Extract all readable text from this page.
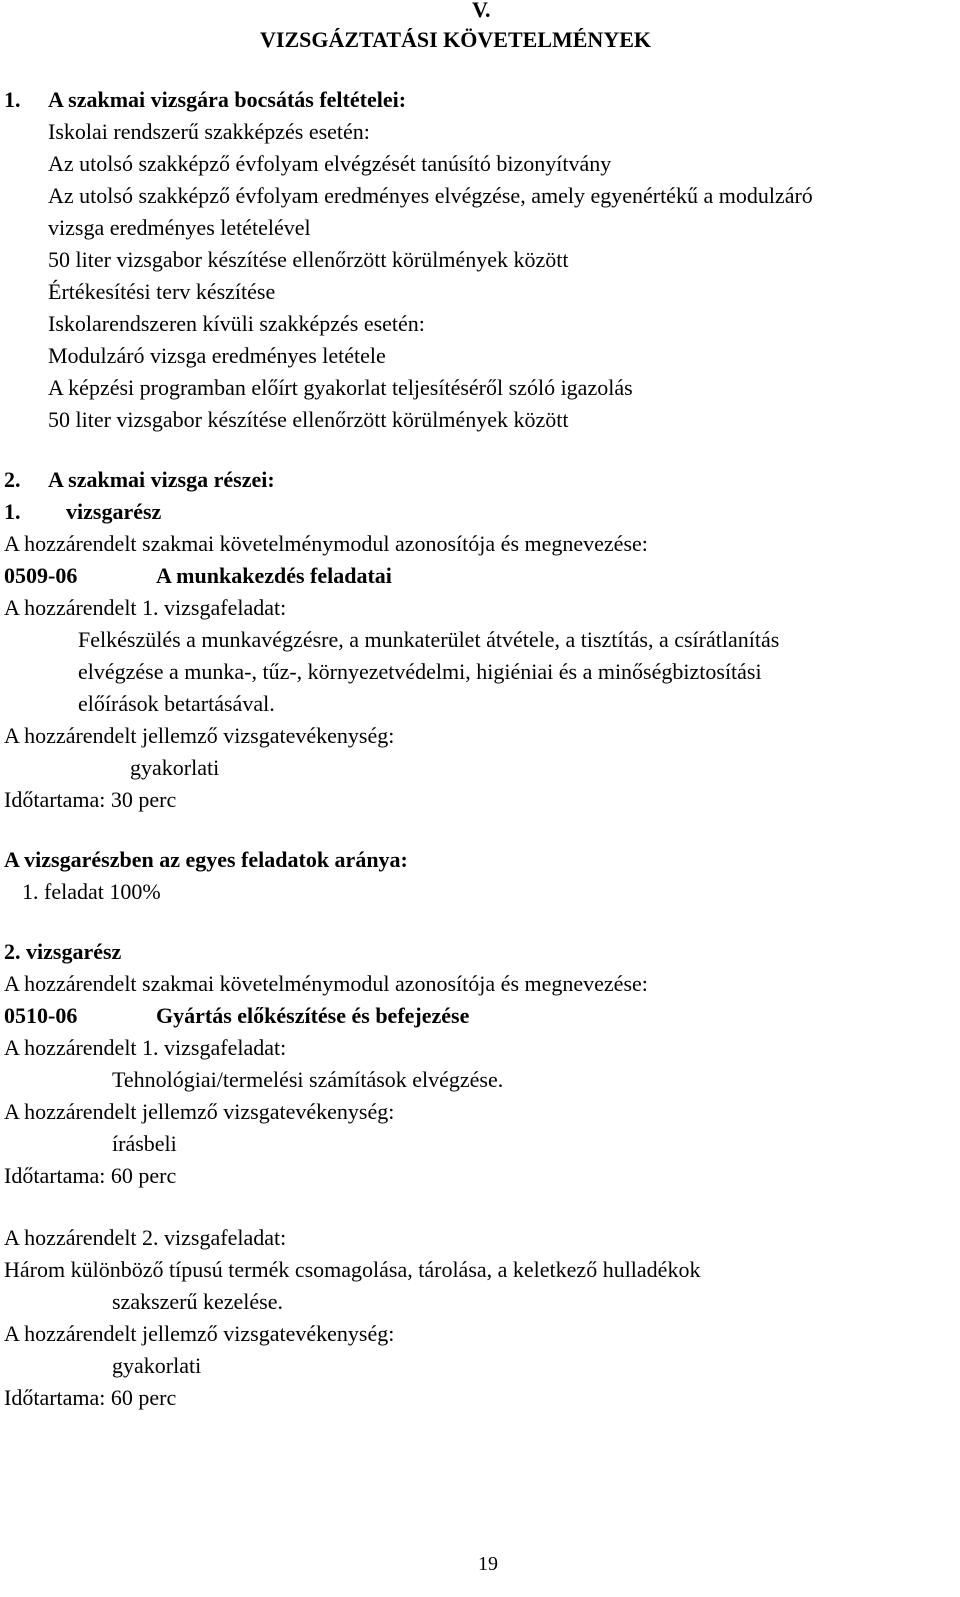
V.
VIZSGÁZTATÁSI KÖVETELMÉNYEK
1. A szakmai vizsgára bocsátás feltételei:
Iskolai rendszerű szakképzés esetén:
Az utolsó szakképző évfolyam elvégzését tanúsító bizonyítvány
Az utolsó szakképző évfolyam eredményes elvégzése, amely egyenértékű a modulzáró
vizsga eredményes letételével
50 liter vizsgabor készítése ellenőrzött körülmények között
Értékesítési terv készítése
Iskolarendszeren kívüli szakképzés esetén:
Modulzáró vizsga eredményes letétele
A képzési programban előírt gyakorlat teljesítéséről szóló igazolás
50 liter vizsgabor készítése ellenőrzött körülmények között
2. A szakmai vizsga részei:
1. vizsgarész
A hozzárendelt szakmai követelménymodul azonosítója és megnevezése:
0509-06	A munkakezdés feladatai
A hozzárendelt 1. vizsgafeladat:
Felkészülés a munkavégzésre, a munkaterület átvétele, a tisztítás, a csírátlanítás
elvégzése a munka-, tűz-, környezetvédelmi, higiéniai és a minőségbiztosítási
előírások betartásával.
A hozzárendelt jellemző vizsgatevékenység:
gyakorlati
Időtartama: 30 perc
A vizsgarészben az egyes feladatok aránya:
1. feladat 100%
2. vizsgarész
A hozzárendelt szakmai követelménymodul azonosítója és megnevezése:
0510-06	Gyártás előkészítése és befejezése
A hozzárendelt 1. vizsgafeladat:
Tehnológiai/termelési számítások elvégzése.
A hozzárendelt jellemző vizsgatevékenység:
írásbeli
Időtartama: 60 perc
A hozzárendelt 2. vizsgafeladat:
Három különböző típusú termék csomagolása, tárolása, a keletkező hulladékok
szakszerű kezelése.
A hozzárendelt jellemző vizsgatevékenység:
gyakorlati
Időtartama: 60 perc
19
